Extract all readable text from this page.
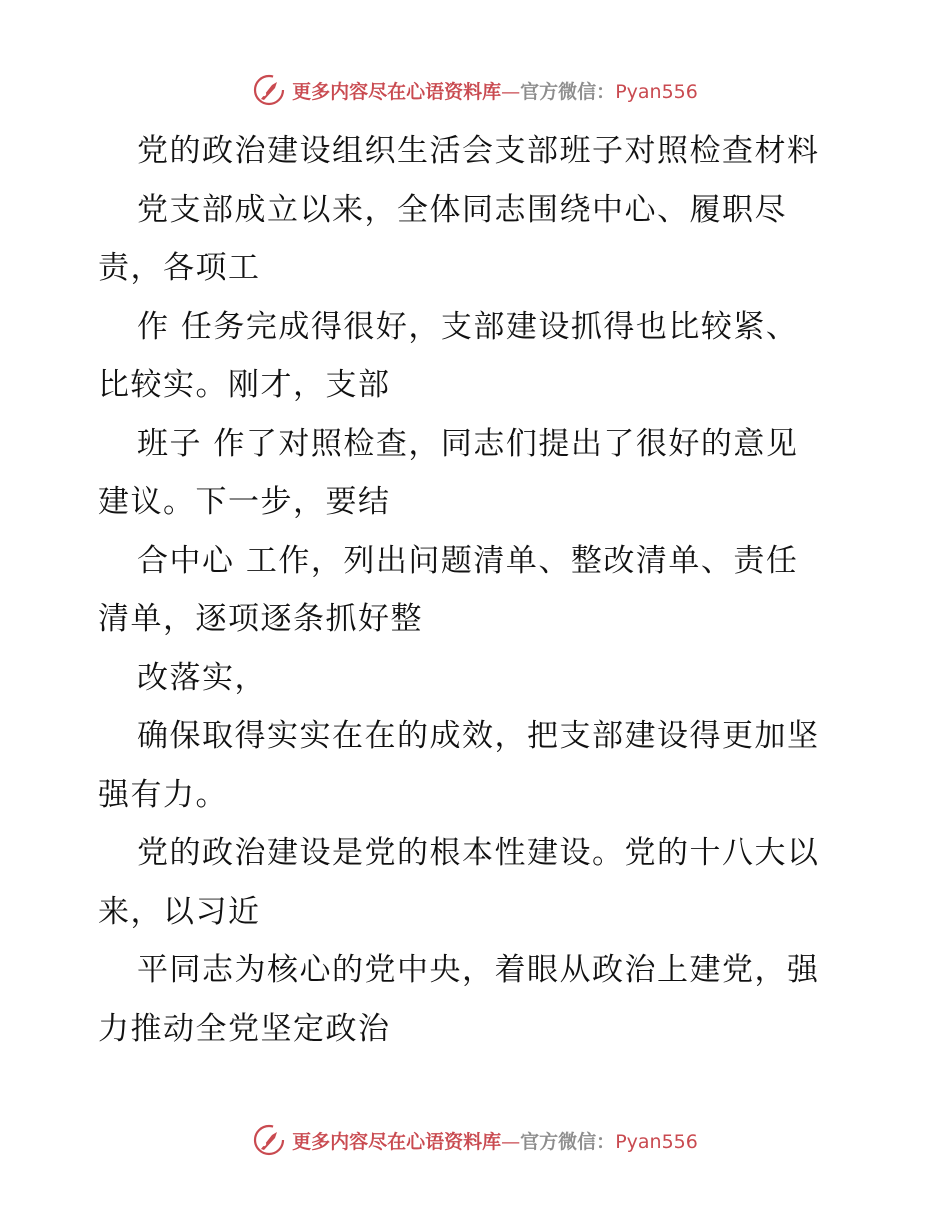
更多内容尽在心语资料库—官方微信：Pyan556
党的政治建设组织生活会支部班子对照检查材料
党支部成立以来，全体同志围绕中心、履职尽
责，各项工
作 任务完成得很好，支部建设抓得也比较紧、
比较实。刚才，支部
班子 作了对照检查，同志们提出了很好的意见
建议。下一步，要结
合中心 工作，列出问题清单、整改清单、责任
清单，逐项逐条抓好整
改落实，
确保取得实实在在的成效，把支部建设得更加坚
强有力。
党的政治建设是党的根本性建设。党的十八大以
来，以习近
平同志为核心的党中央，着眼从政治上建党，强
力推动全党坚定政治
更多内容尽在心语资料库—官方微信：Pyan556
